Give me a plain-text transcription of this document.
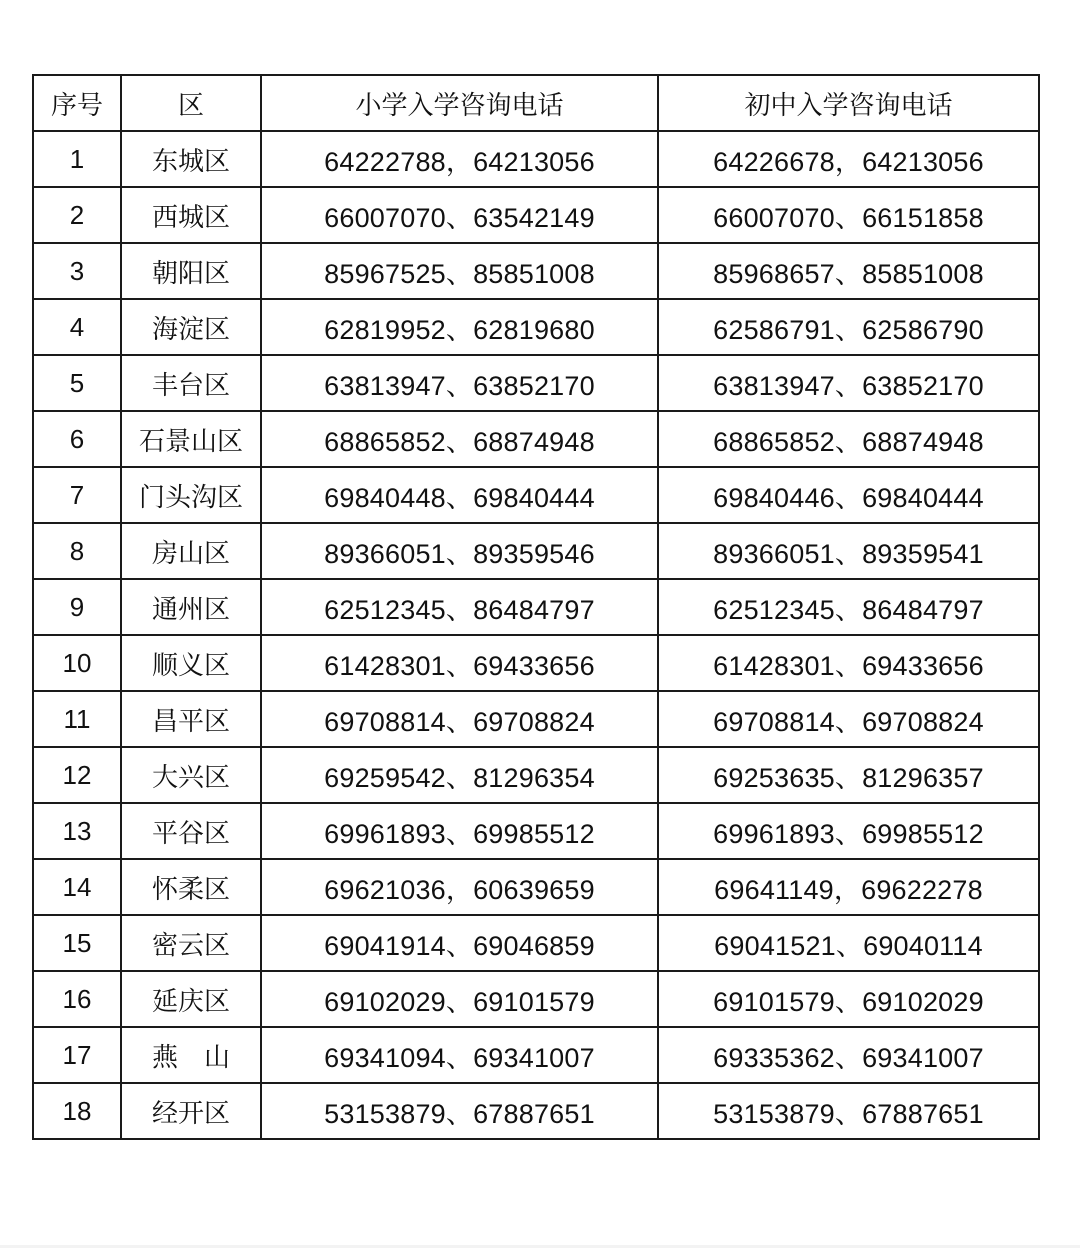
序号	区	小学入学咨询电话	初中入学咨询电话
1	东城区	64222788，64213056	64226678，64213056
2	西城区	66007070、63542149	66007070、66151858
3	朝阳区	85967525、85851008	85968657、85851008
4	海淀区	62819952、62819680	62586791、62586790
5	丰台区	63813947、63852170	63813947、63852170
6	石景山区	68865852、68874948	68865852、68874948
7	门头沟区	69840448、69840444	69840446、69840444
8	房山区	89366051、89359546	89366051、89359541
9	通州区	62512345、86484797	62512345、86484797
10	顺义区	61428301、69433656	61428301、69433656
11	昌平区	69708814、69708824	69708814、69708824
12	大兴区	69259542、81296354	69253635、81296357
13	平谷区	69961893、69985512	69961893、69985512
14	怀柔区	69621036，60639659	69641149，69622278
15	密云区	69041914、69046859	69041521、69040114
16	延庆区	69102029、69101579	69101579、69102029
17	燕　山	69341094、69341007	69335362、69341007
18	经开区	53153879、67887651	53153879、67887651
